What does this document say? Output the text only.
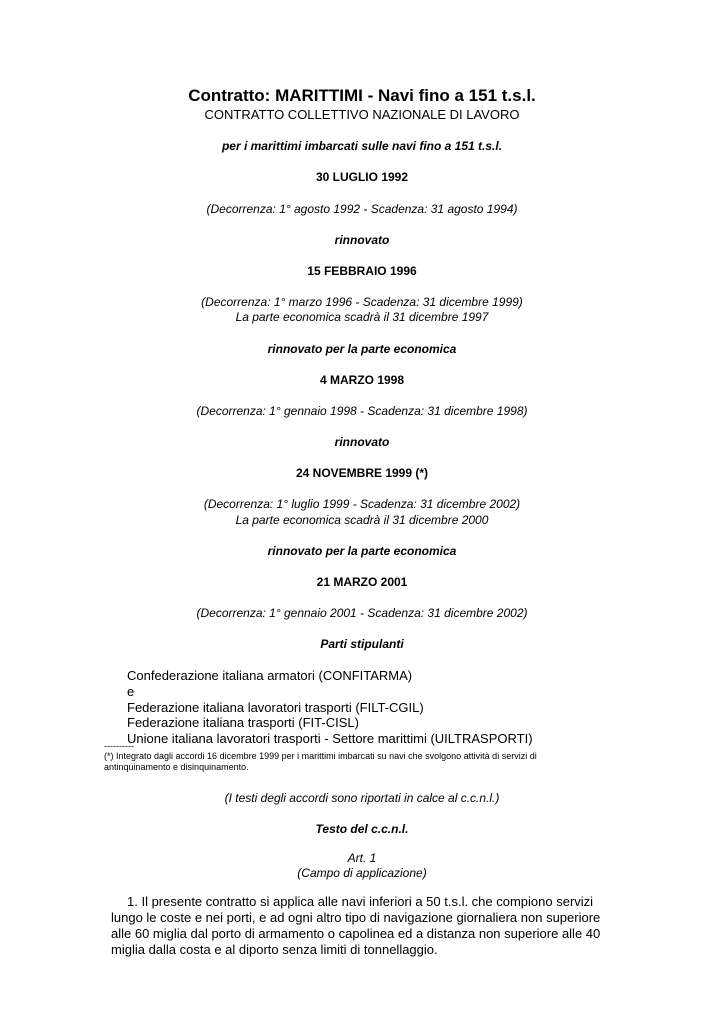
Contratto: MARITTIMI - Navi fino a 151 t.s.l.
CONTRATTO COLLETTIVO NAZIONALE DI LAVORO
per i marittimi imbarcati sulle navi fino a 151 t.s.l.
30 LUGLIO 1992
(Decorrenza: 1° agosto 1992 - Scadenza: 31 agosto 1994)
rinnovato
15 FEBBRAIO 1996
(Decorrenza: 1° marzo 1996 - Scadenza: 31 dicembre 1999)
La parte economica scadrà il 31 dicembre 1997
rinnovato per la parte economica
4 MARZO 1998
(Decorrenza: 1° gennaio 1998 - Scadenza: 31 dicembre 1998)
rinnovato
24 NOVEMBRE 1999 (*)
(Decorrenza: 1° luglio 1999 - Scadenza: 31 dicembre 2002)
La parte economica scadrà il 31 dicembre 2000
rinnovato per la parte economica
21 MARZO 2001
(Decorrenza: 1° gennaio 2001 - Scadenza: 31 dicembre 2002)
Parti stipulanti
Confederazione italiana armatori (CONFITARMA)
e
Federazione italiana lavoratori trasporti (FILT-CGIL)
Federazione italiana trasporti (FIT-CISL)
Unione italiana lavoratori trasporti - Settore marittimi (UILTRASPORTI)
----------
(*) Integrato dagli accordi 16 dicembre 1999 per i marittimi imbarcati su navi che svolgono attività di servizi di
antinquinamento e disinquinamento.
(I testi degli accordi sono riportati in calce al c.c.n.l.)
Testo del c.c.n.l.
Art. 1
(Campo di applicazione)
1. Il presente contratto si applica alle navi inferiori a 50 t.s.l. che compiono servizi lungo le coste e nei porti, e ad ogni altro tipo di navigazione giornaliera non superiore alle 60 miglia dal porto di armamento o capolinea ed a distanza non superiore alle 40 miglia dalla costa e al diporto senza limiti di tonnellaggio.
